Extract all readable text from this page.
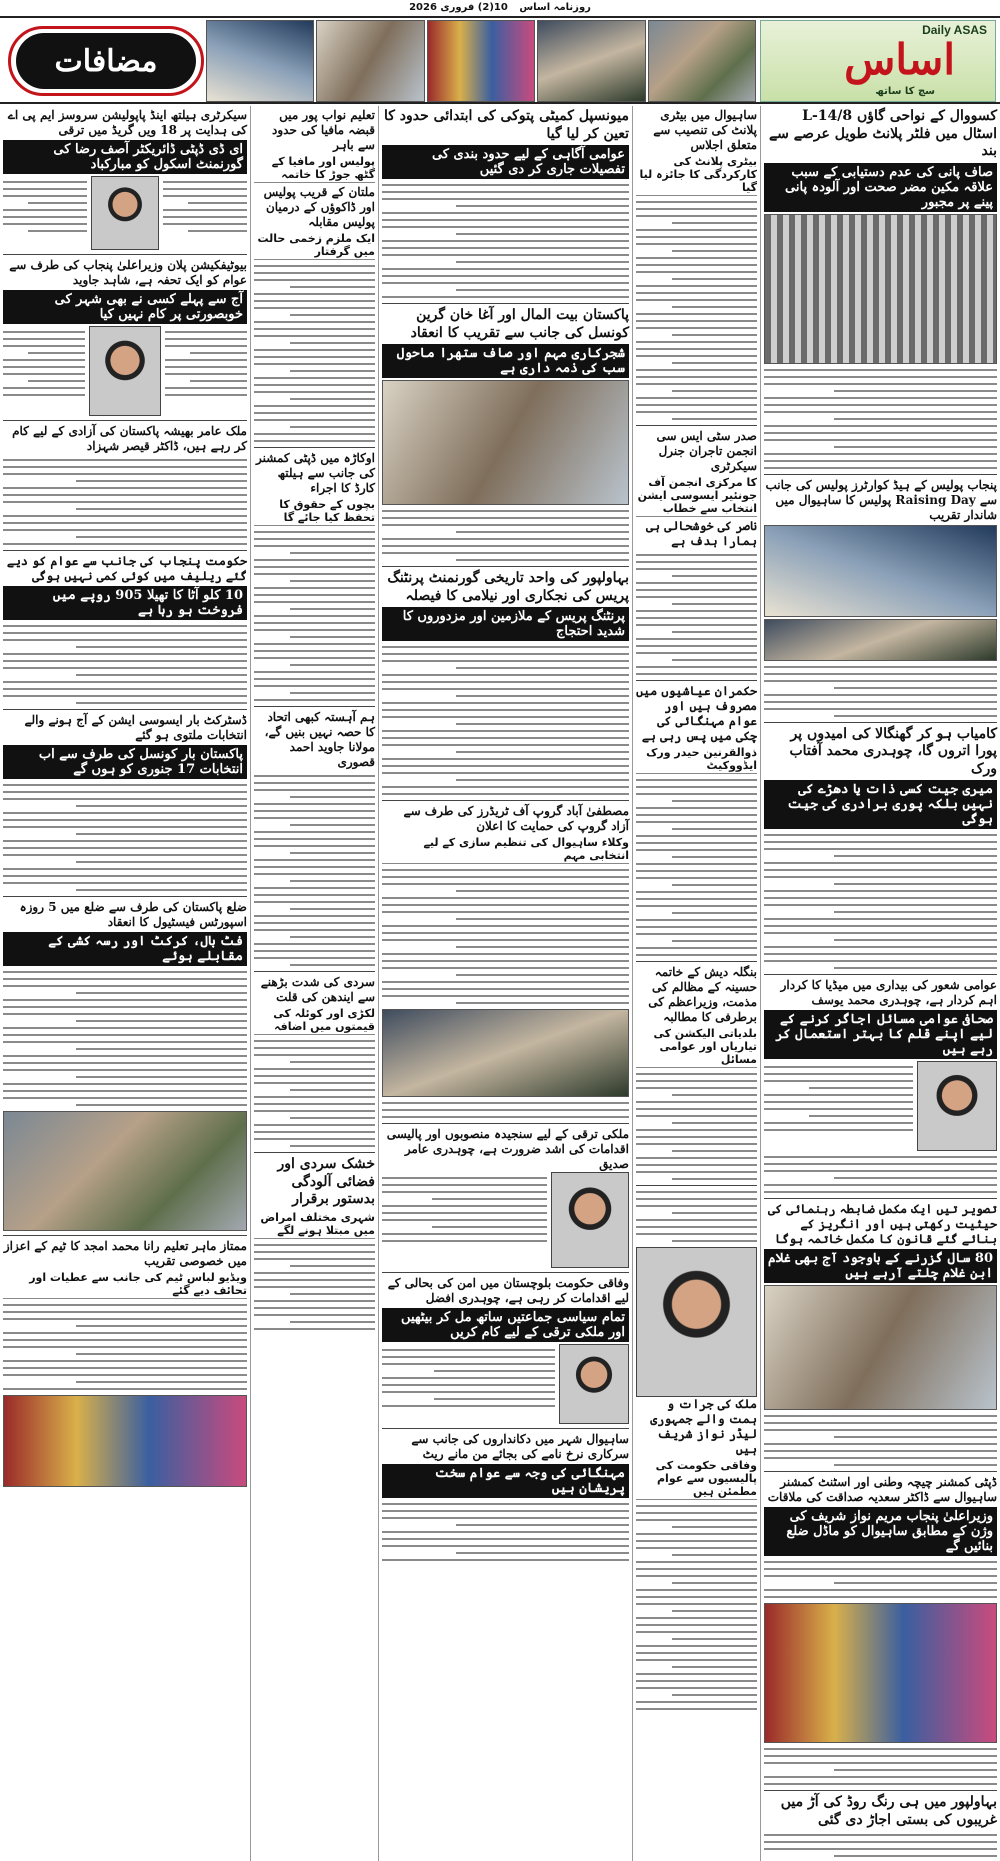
روزنامہ اساس 10(2) فروری 2026
مضافات
Daily ASAS
اساس
سچ کا ساتھ
کسووال کے نواحی گاؤں 14/8-L اسٹال میں فلٹر پلانٹ طویل عرصے سے بند
صاف پانی کی عدم دستیابی کے سبب علاقہ مکین مضر صحت اور آلودہ پانی پینے پر مجبور
پنجاب پولیس کے ہیڈ کوارٹرز پولیس کی جانب سے Raising Day پولیس کا ساہیوال میں شاندار تقریب
کامیاب ہو کر گھنگالا کی امیدوں پر پورا اتروں گا، چوہدری محمد آفتاب ورک
میری جیت کسی ذات یا دھڑے کی نہیں بلکہ پوری برادری کی جیت ہوگی
عوامی شعور کی بیداری میں میڈیا کا کردار اہم کردار ہے، چوہدری محمد یوسف
صحافی عوامی مسائل اجاگر کرنے کے لیے اپنے قلم کا بہتر استعمال کر رہے ہیں
تصویر تیں ایک مکمل ضابطہ رہنمائی کی حیثیت رکھتی ہیں اور انگریز کے بنائے گئے قانون کا مکمل خاتمہ ہوگا
80 سال گزرنے کے باوجود آج بھی غلام ابن غلام چلتے آرہے ہیں
ڈپٹی کمشنر چیچہ وطنی اور اسٹنٹ کمشنر ساہیوال سے ڈاکٹر سعدیہ صداقت کی ملاقات
وزیراعلیٰ پنجاب مریم نواز شریف کی وژن کے مطابق ساہیوال کو ماڈل ضلع بنائیں گے
بہاولپور میں ہی رنگ روڈ کی آڑ میں غریبوں کی بستی اجاڑ دی گئی
ساہیوال میں بیٹری پلانٹ کی تنصیب سے متعلق اجلاس
بیٹری پلانٹ کی کارکردگی کا جائزہ لیا گیا
صدر سٹی ایس سی انجمن تاجران جنرل سیکرٹری
کا مرکزی انجمن آف جونئیر ایسوسی ایشن انتخاب سے خطاب
ناصر کی خوشحالی ہی ہمارا ہدف ہے
حکمران عیاشیوں میں مصروف ہیں اور عوام مہنگائی کی چکی میں پس رہی ہے
ذوالقرنین حیدر ورک ایڈووکیٹ
بنگلہ دیش کے خاتمہ حسینہ کے مظالم کی مذمت، وزیراعظم کی برطرفی کا مطالبہ
بلدیاتی الیکشن کی تیاریاں اور عوامی مسائل
ملک کی جرات و ہمت والے جمہوری لیڈر نواز شریف ہیں
وفاقی حکومت کی پالیسیوں سے عوام مطمئن ہیں
میونسپل کمیٹی پتوکی کی ابتدائی حدود کا تعین کر لیا گیا
عوامی آگاہی کے لیے حدود بندی کی تفصیلات جاری کر دی گئیں
پاکستان بیت المال اور آغا خان گرین کونسل کی جانب سے تقریب کا انعقاد
شجرکاری مہم اور صاف ستھرا ماحول سب کی ذمہ داری ہے
بہاولپور کی واحد تاریخی گورنمنٹ پرنٹنگ پریس کی نجکاری اور نیلامی کا فیصلہ
پرنٹنگ پریس کے ملازمین اور مزدوروں کا شدید احتجاج
مصطفیٰ آباد گروپ آف ٹریڈرز کی طرف سے آزاد گروپ کی حمایت کا اعلان
وکلاء ساہیوال کی تنظیم سازی کے لیے انتخابی مہم
ملکی ترقی کے لیے سنجیدہ منصوبوں اور پالیسی اقدامات کی اشد ضرورت ہے، چوہدری عامر صدیق
وفاقی حکومت بلوچستان میں امن کی بحالی کے لیے اقدامات کر رہی ہے، چوہدری افضل
تمام سیاسی جماعتیں ساتھ مل کر بیٹھیں اور ملکی ترقی کے لیے کام کریں
ساہیوال شہر میں دکانداروں کی جانب سے سرکاری نرخ نامے کی بجائے من مانے ریٹ
مہنگائی کی وجہ سے عوام سخت پریشان ہیں
تعلیم نواب پور میں قبضہ مافیا کی حدود سے باہر
پولیس اور مافیا کے گٹھ جوڑ کا خاتمہ
ملتان کے قریب پولیس اور ڈاکوؤں کے درمیان پولیس مقابلہ
ایک ملزم زخمی حالت میں گرفتار
اوکاڑہ میں ڈپٹی کمشنر کی جانب سے ہیلتھ کارڈ کا اجراء
بچوں کے حقوق کا تحفظ کیا جائے گا
ہم آہستہ کبھی اتحاد کا حصہ نہیں بنیں گے، مولانا جاوید احمد قصوری
سردی کی شدت بڑھنے سے ایندھن کی قلت
لکڑی اور کوئلہ کی قیمتوں میں اضافہ
خشک سردی اور فضائی آلودگی بدستور برقرار
شہری مختلف امراض میں مبتلا ہونے لگے
سیکرٹری ہیلتھ اینڈ پاپولیشن سروسز ایم پی اے کی ہدایت پر 18 ویں گریڈ میں ترقی
ای ڈی ڈپٹی ڈائریکٹر آصف رضا کی گورنمنٹ اسکول کو مبارکباد
بیوٹیفکیشن پلان وزیراعلیٰ پنجاب کی طرف سے عوام کو ایک تحفہ ہے، شاہد جاوید
آج سے پہلے کسی نے بھی شہر کی خوبصورتی پر کام نہیں کیا
ملک عامر بھیشہ پاکستان کی آزادی کے لیے کام کر رہے ہیں، ڈاکٹر قیصر شہزاد
حکومت پنجاب کی جانب سے عوام کو دیے گئے ریلیف میں کوئی کمی نہیں ہوگی
10 کلو آٹا کا تھیلا 905 روپے میں فروخت ہو رہا ہے
ڈسٹرکٹ بار ایسوسی ایشن کے آج ہونے والے انتخابات ملتوی ہو گئے
پاکستان بار کونسل کی طرف سے اب انتخابات 17 جنوری کو ہوں گے
ضلع پاکستان کی طرف سے ضلع میں 5 روزہ اسپورٹس فیسٹیول کا انعقاد
فٹ بال، کرکٹ اور رسہ کشی کے مقابلے ہوئے
ممتاز ماہر تعلیم رانا محمد امجد کا ٹیم کے اعزاز میں خصوصی تقریب
ویڈیو لباس ٹیم کی جانب سے عطیات اور تحائف دیے گئے
